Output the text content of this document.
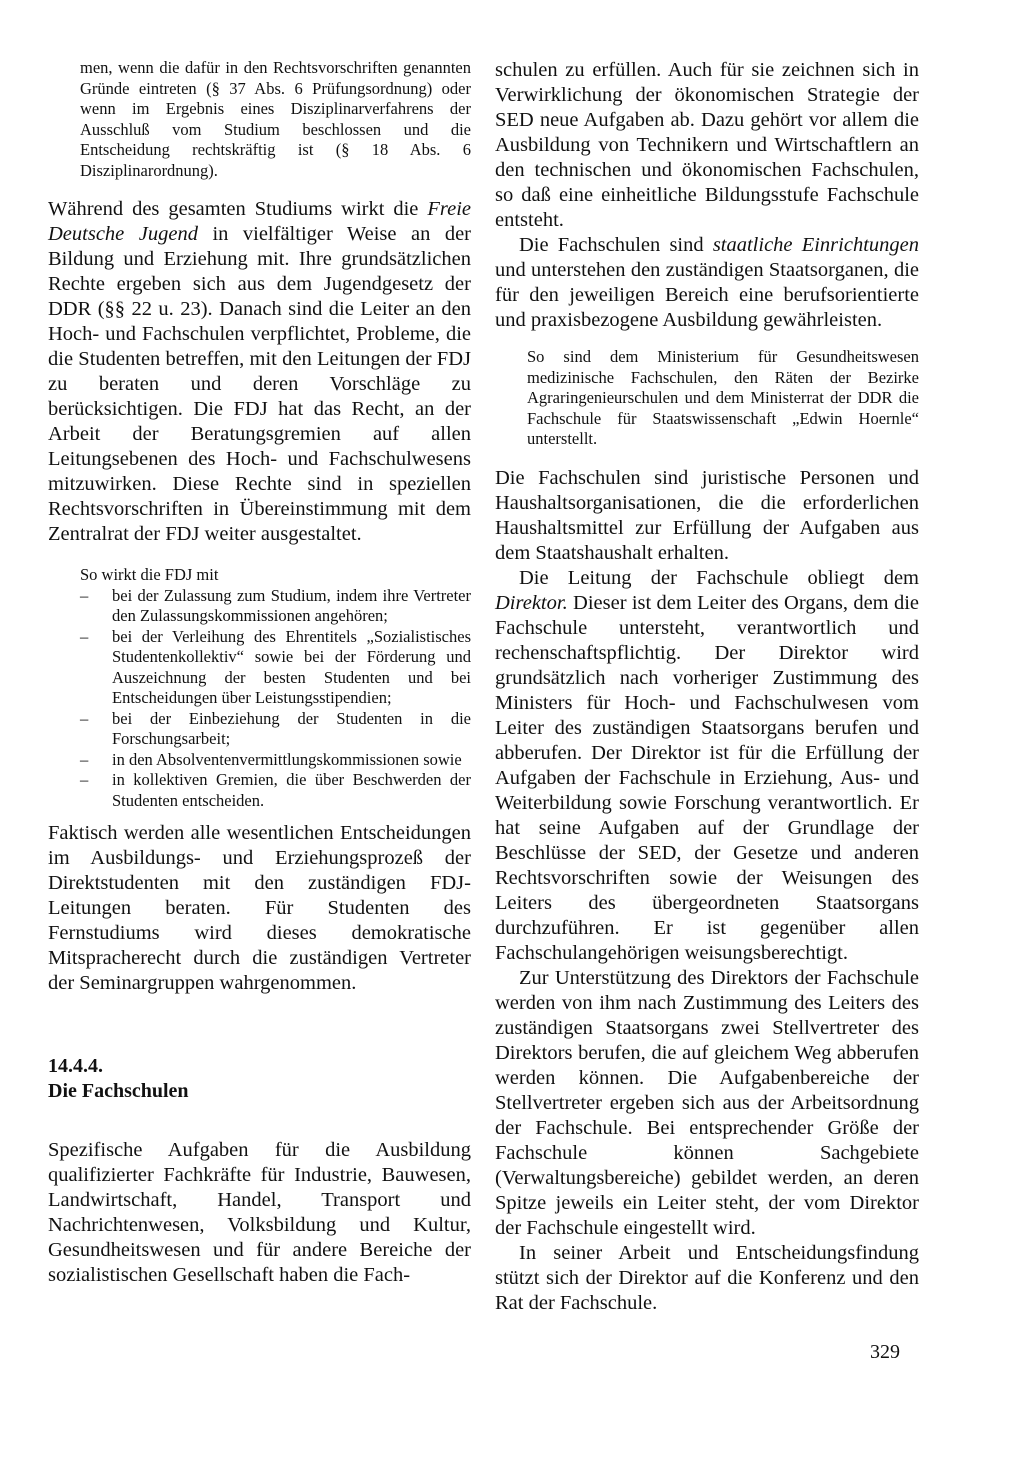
men, wenn die dafür in den Rechtsvorschriften genannten Gründe eintreten (§ 37 Abs. 6 Prüfungsordnung) oder wenn im Ergebnis eines Disziplinarverfahrens der Ausschluß vom Studium beschlossen und die Entscheidung rechtskräftig ist (§ 18 Abs. 6 Disziplinarordnung).

Während des gesamten Studiums wirkt die Freie Deutsche Jugend in vielfältiger Weise an der Bildung und Erziehung mit. Ihre grundsätzlichen Rechte ergeben sich aus dem Jugendgesetz der DDR (§§ 22 u. 23). Danach sind die Leiter an den Hoch- und Fachschulen verpflichtet, Probleme, die die Studenten betreffen, mit den Leitungen der FDJ zu beraten und deren Vorschläge zu berücksichtigen. Die FDJ hat das Recht, an der Arbeit der Beratungsgremien auf allen Leitungsebenen des Hoch- und Fachschulwesens mitzuwirken. Diese Rechte sind in speziellen Rechtsvorschriften in Übereinstimmung mit dem Zentralrat der FDJ weiter ausgestaltet.

So wirkt die FDJ mit

– bei der Zulassung zum Studium, indem ihre Vertreter den Zulassungskommissionen angehören;
– bei der Verleihung des Ehrentitels „Sozialistisches Studentenkollektiv“ sowie bei der Förderung und Auszeichnung der besten Studenten und bei Entscheidungen über Leistungsstipendien;
– bei der Einbeziehung der Studenten in die Forschungsarbeit;
– in den Absolventenvermittlungskommissionen sowie
– in kollektiven Gremien, die über Beschwerden der Studenten entscheiden.

Faktisch werden alle wesentlichen Entscheidungen im Ausbildungs- und Erziehungsprozeß der Direktstudenten mit den zuständigen FDJ-Leitungen beraten. Für Studenten des Fernstudiums wird dieses demokratische Mitspracherecht durch die zuständigen Vertreter der Seminargruppen wahrgenommen.

14.4.4.

Die Fachschulen

Spezifische Aufgaben für die Ausbildung qualifizierter Fachkräfte für Industrie, Bauwesen, Landwirtschaft, Handel, Transport und Nachrichtenwesen, Volksbildung und Kultur, Gesundheitswesen und für andere Bereiche der sozialistischen Gesellschaft haben die Fach-

schulen zu erfüllen. Auch für sie zeichnen sich in Verwirklichung der ökonomischen Strategie der SED neue Aufgaben ab. Dazu gehört vor allem die Ausbildung von Technikern und Wirtschaftlern an den technischen und ökonomischen Fachschulen, so daß eine einheitliche Bildungsstufe Fachschule entsteht.

Die Fachschulen sind staatliche Einrichtungen und unterstehen den zuständigen Staatsorganen, die für den jeweiligen Bereich eine berufsorientierte und praxisbezogene Ausbildung gewährleisten.

So sind dem Ministerium für Gesundheitswesen medizinische Fachschulen, den Räten der Bezirke Agraringenieurschulen und dem Ministerrat der DDR die Fachschule für Staatswissenschaft „Edwin Hoernle“ unterstellt.

Die Fachschulen sind juristische Personen und Haushaltsorganisationen, die die erforderlichen Haushaltsmittel zur Erfüllung der Aufgaben aus dem Staatshaushalt erhalten.

Die Leitung der Fachschule obliegt dem Direktor. Dieser ist dem Leiter des Organs, dem die Fachschule untersteht, verantwortlich und rechenschaftspflichtig. Der Direktor wird grundsätzlich nach vorheriger Zustimmung des Ministers für Hoch- und Fachschulwesen vom Leiter des zuständigen Staatsorgans berufen und abberufen. Der Direktor ist für die Erfüllung der Aufgaben der Fachschule in Erziehung, Aus- und Weiterbildung sowie Forschung verantwortlich. Er hat seine Aufgaben auf der Grundlage der Beschlüsse der SED, der Gesetze und anderen Rechtsvorschriften sowie der Weisungen des Leiters des übergeordneten Staatsorgans durchzuführen. Er ist gegenüber allen Fachschulangehörigen weisungsberechtigt.

Zur Unterstützung des Direktors der Fachschule werden von ihm nach Zustimmung des Leiters des zuständigen Staatsorgans zwei Stellvertreter des Direktors berufen, die auf gleichem Weg abberufen werden können. Die Aufgabenbereiche der Stellvertreter ergeben sich aus der Arbeitsordnung der Fachschule. Bei entsprechender Größe der Fachschule können Sachgebiete (Verwaltungsbereiche) gebildet werden, an deren Spitze jeweils ein Leiter steht, der vom Direktor der Fachschule eingestellt wird.

In seiner Arbeit und Entscheidungsfindung stützt sich der Direktor auf die Konferenz und den Rat der Fachschule.

329
